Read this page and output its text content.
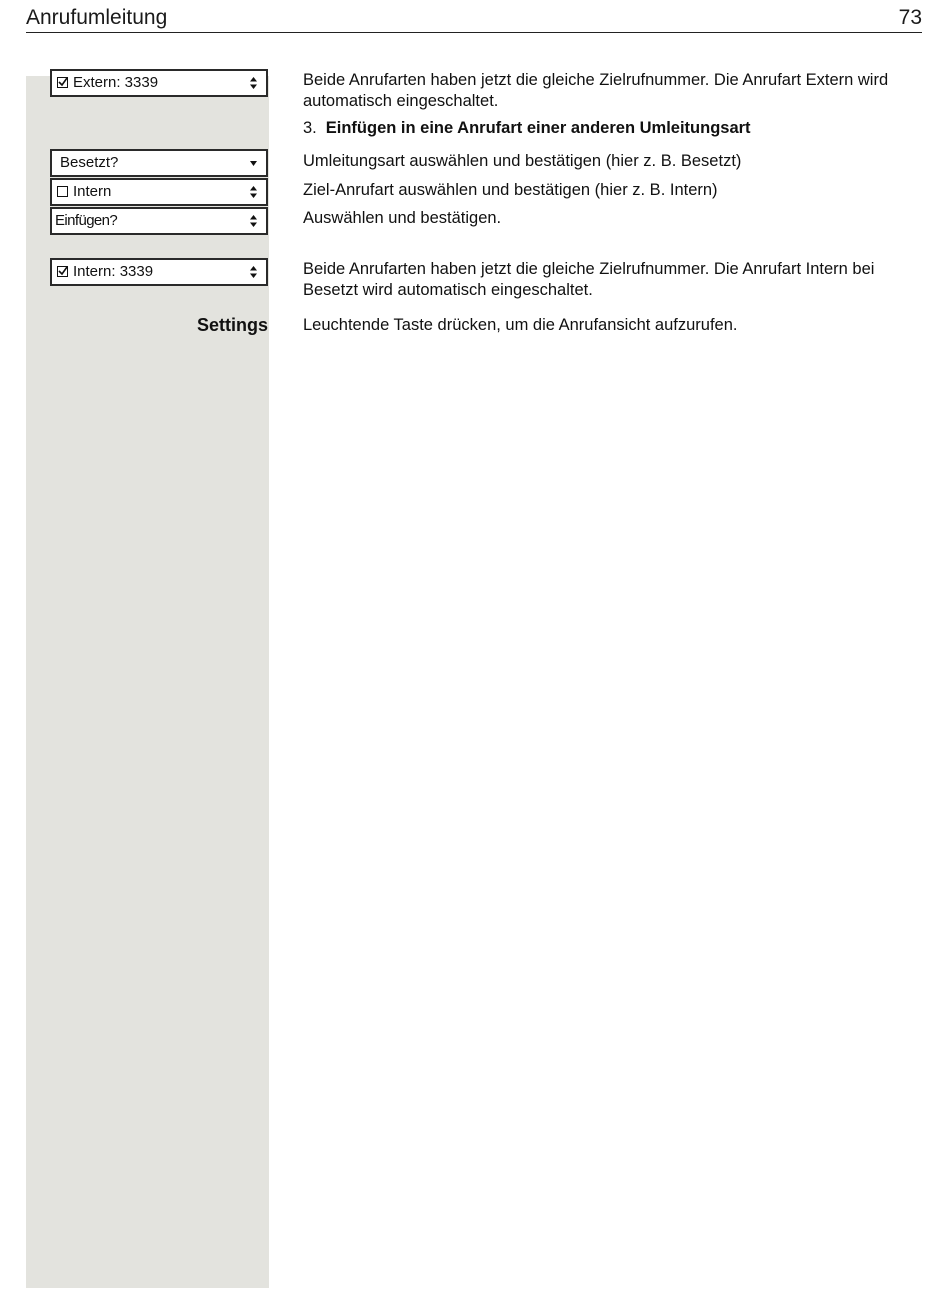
Anrufumleitung	73
Extern: 3339
Besetzt?
Intern
Einfügen?
Intern: 3339
Settings
Beide Anrufarten haben jetzt die gleiche Zielrufnummer. Die Anrufart Extern wird automatisch eingeschaltet.
3. Einfügen in eine Anrufart einer anderen Umleitungsart
Umleitungsart auswählen und bestätigen (hier z. B. Besetzt)
Ziel-Anrufart auswählen und bestätigen (hier z. B. Intern)
Auswählen und bestätigen.
Beide Anrufarten haben jetzt die gleiche Zielrufnummer. Die Anrufart Intern bei Besetzt wird automatisch eingeschaltet.
Leuchtende Taste drücken, um die Anrufansicht aufzurufen.
